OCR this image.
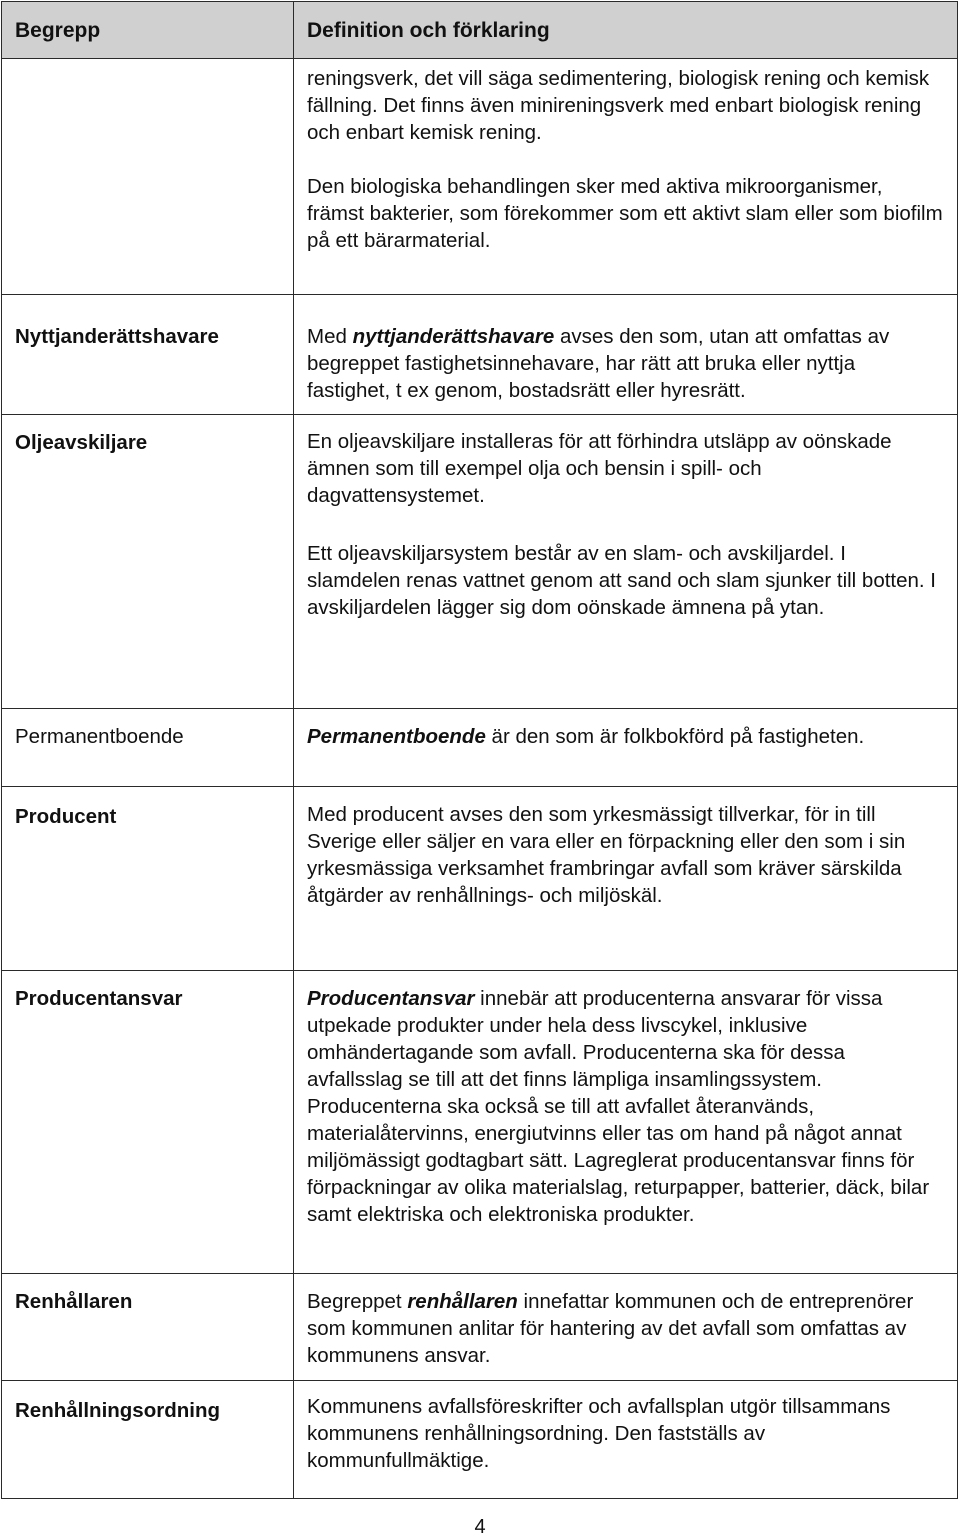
Begrepp	Definition och förklaring

	reningsverk, det vill säga sedimentering, biologisk rening och kemisk fällning. Det finns även minireningsverk med enbart biologisk rening och enbart kemisk rening.

Den biologiska behandlingen sker med aktiva mikroorganismer, främst bakterier, som förekommer som ett aktivt slam eller som biofilm på ett bärarmaterial.

Nyttjanderättshavare	Med nyttjanderättshavare avses den som, utan att omfattas av begreppet fastighetsinnehavare, har rätt att bruka eller nyttja fastighet, t ex genom, bostadsrätt eller hyresrätt.

Oljeavskiljare	En oljeavskiljare installeras för att förhindra utsläpp av oönskade ämnen som till exempel olja och bensin i spill- och dagvattensystemet.

Ett oljeavskiljarsystem består av en slam- och avskiljardel. I slamdelen renas vattnet genom att sand och slam sjunker till botten. I avskiljardelen lägger sig dom oönskade ämnena på ytan.

Permanentboende	Permanentboende är den som är folkbokförd på fastigheten.

Producent	Med producent avses den som yrkesmässigt tillverkar, för in till Sverige eller säljer en vara eller en förpackning eller den som i sin yrkesmässiga verksamhet frambringar avfall som kräver särskilda åtgärder av renhållnings- och miljöskäl.

Producentansvar	Producentansvar innebär att producenterna ansvarar för vissa utpekade produkter under hela dess livscykel, inklusive omhändertagande som avfall. Producenterna ska för dessa avfallsslag se till att det finns lämpliga insamlingssystem. Producenterna ska också se till att avfallet återanvänds, materialåtervinns, energiutvinns eller tas om hand på något annat miljömässigt godtagbart sätt. Lagreglerat producentansvar finns för förpackningar av olika materialslag, returpapper, batterier, däck, bilar samt elektriska och elektroniska produkter.

Renhållaren	Begreppet renhållaren innefattar kommunen och de entreprenörer som kommunen anlitar för hantering av det avfall som omfattas av kommunens ansvar.

Renhållningsordning	Kommunens avfallsföreskrifter och avfallsplan utgör tillsammans kommunens renhållningsordning. Den fastställs av kommunfullmäktige.

4
